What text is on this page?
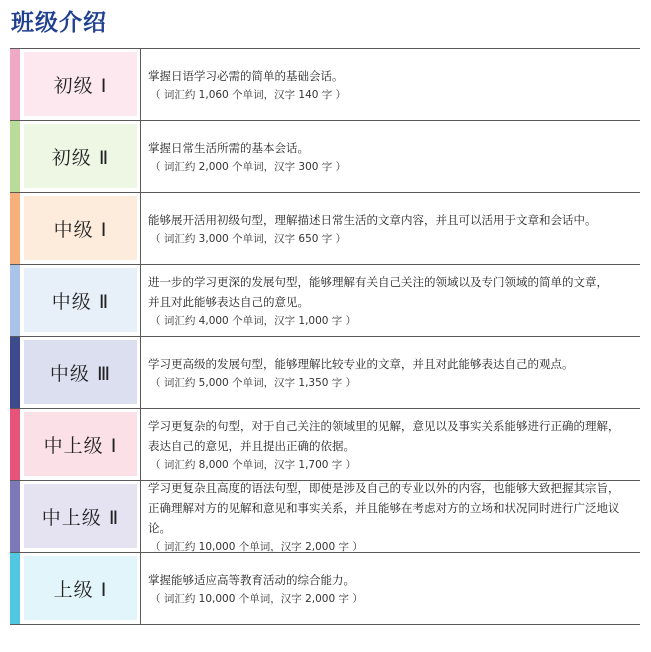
班级介绍
初级 Ⅰ	掌握日语学习必需的简单的基础会话。
（ 词汇约 1,060 个单词，汉字 140 字 ）
初级 Ⅱ	掌握日常生活所需的基本会话。
（ 词汇约 2,000 个单词，汉字 300 字 ）
中级 Ⅰ	能够展开活用初级句型，理解描述日常生活的文章内容，并且可以活用于文章和会话中。
（ 词汇约 3,000 个单词，汉字 650 字 ）
中级 Ⅱ
进一步的学习更深的发展句型，能够理解有关自己关注的领域以及专门领域的简单的文章，
并且对此能够表达自己的意见。
（ 词汇约 4,000 个单词，汉字 1,000 字 ）
中级 Ⅲ	学习更高级的发展句型，能够理解比较专业的文章，并且对此能够表达自己的观点。
（ 词汇约 5,000 个单词，汉字 1,350 字 ）
中上级 Ⅰ
学习更复杂的句型，对于自己关注的领域里的见解，意见以及事实关系能够进行正确的理解，
表达自己的意见，并且提出正确的依据。
（ 词汇约 8,000 个单词，汉字 1,700 字 ）
中上级 Ⅱ
学习更复杂且高度的语法句型，即使是涉及自己的专业以外的内容，也能够大致把握其宗旨，
正确理解对方的见解和意见和事实关系，并且能够在考虑对方的立场和状况同时进行广泛地议论。
（ 词汇约 10,000 个单词，汉字 2,000 字 ）
上级 Ⅰ	掌握能够适应高等教育活动的综合能力。
（ 词汇约 10,000 个单词，汉字 2,000 字 ）
